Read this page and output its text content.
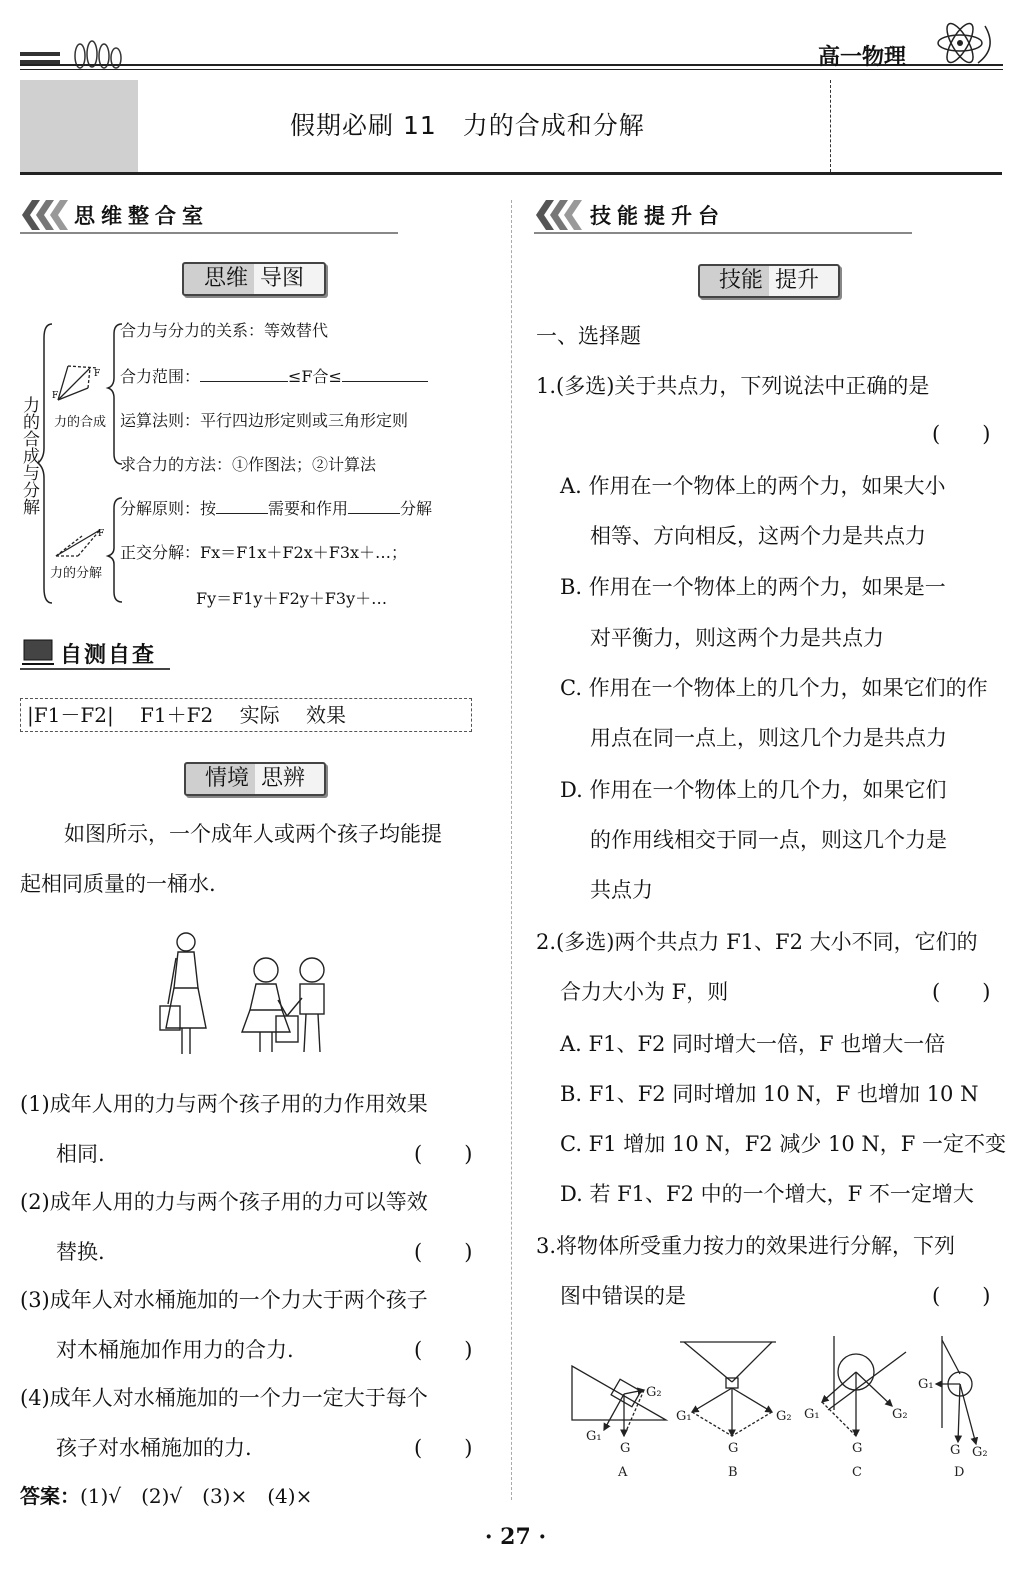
高一物理
假期必刷 11　力的合成和分解
思维整合室
思维 导图
力的合成与分解 F
F
力的合成
合力与分力的关系：等效替代
合力范围：	≤F合≤
运算法则：平行四边形定则或三角形定则
求合力的方法：①作图法；②计算法
F
力的分解
分解原则：按	需要和作用	分解
正交分解：Fx＝F1x＋F2x＋F3x＋…；
Fy＝F1y＋F2y＋F3y＋…
自测自查
|F1－F2|　 F1＋F2　 实际　 效果
情境 思辨
如图所示，一个成年人或两个孩子均能提
起相同质量的一桶水.
(1)成年人用的力与两个孩子用的力作用效果
相同.	(　　)
(2)成年人用的力与两个孩子用的力可以等效
替换.	(　　)
(3)成年人对水桶施加的一个力大于两个孩子
对木桶施加作用力的合力.	(　　)
(4)成年人对水桶施加的一个力一定大于每个
孩子对水桶施加的力.	(　　)
答案：(1)√　(2)√　(3)×　(4)×
技能提升台
技能 提升
一、选择题
1.(多选)关于共点力，下列说法中正确的是
(　　)
A. 作用在一个物体上的两个力，如果大小
相等、方向相反，这两个力是共点力
B. 作用在一个物体上的两个力，如果是一
对平衡力，则这两个力是共点力
C. 作用在一个物体上的几个力，如果它们的作
用点在同一点上，则这几个力是共点力
D. 作用在一个物体上的几个力，如果它们
的作用线相交于同一点，则这几个力是
共点力
2.(多选)两个共点力 F1、F2 大小不同，它们的
合力大小为 F，则	(　　)
A. F1、F2 同时增大一倍，F 也增大一倍
B. F1、F2 同时增加 10 N，F 也增加 10 N
C. F1 增加 10 N，F2 减少 10 N，F 一定不变
D. 若 F1、F2 中的一个增大，F 不一定增大
3.将物体所受重力按力的效果进行分解，下列
图中错误的是	(　　)
G₂
G₁
G
G₁	G₂
G
G₁	G₂
G
G₁
G G₂
A	B	C	D
· 27 ·
